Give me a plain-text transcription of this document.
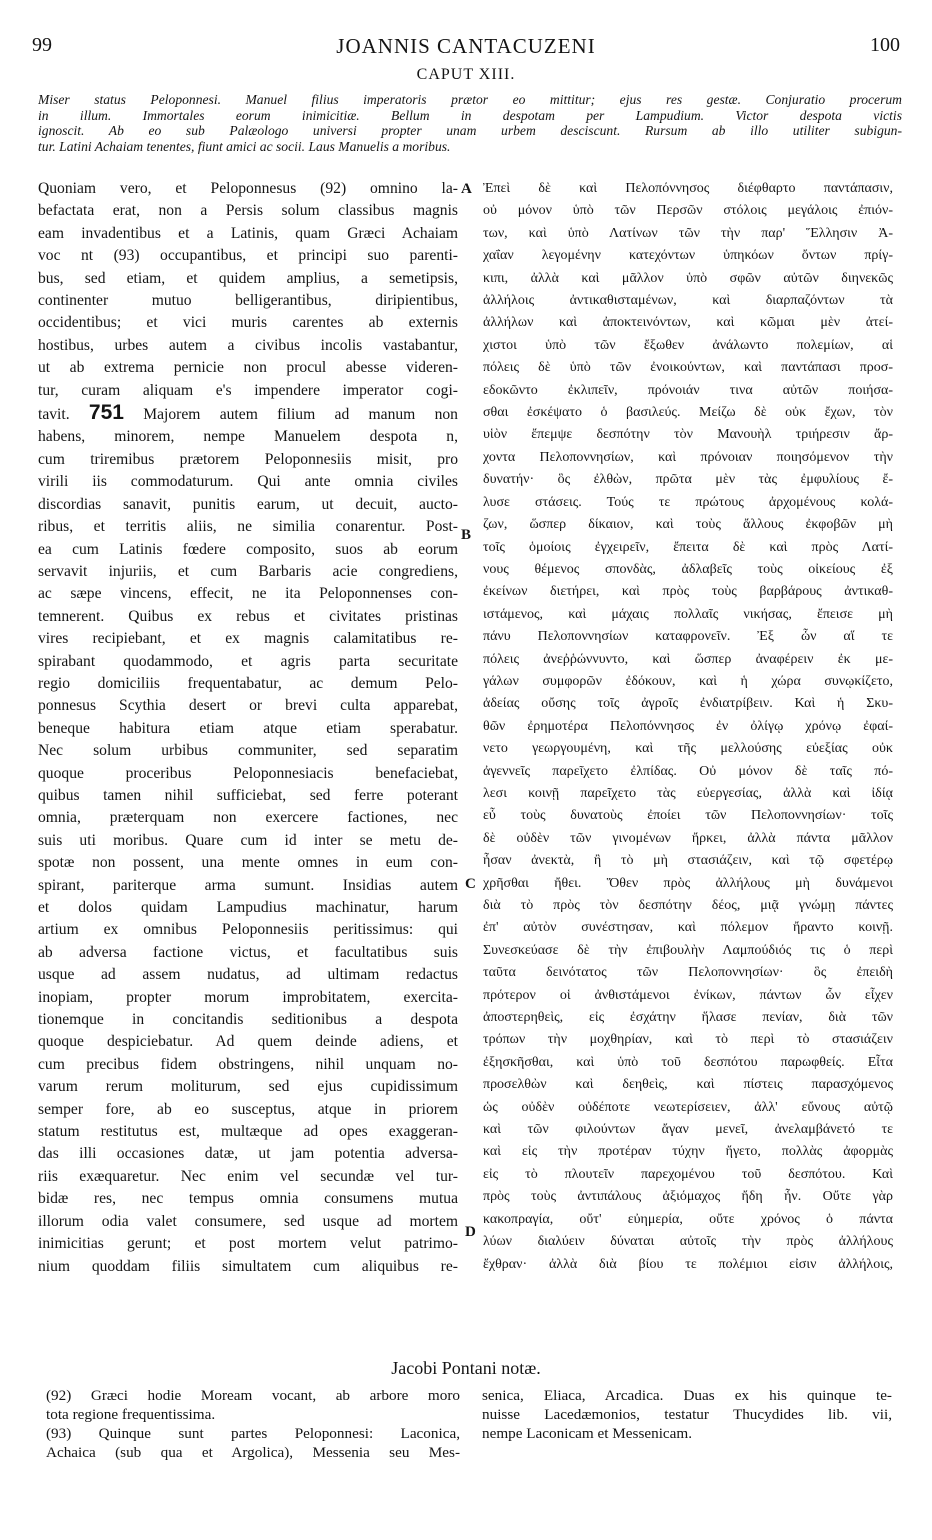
99	JOANNIS CANTACUZENI	100
CAPUT XIII.
Miser status Peloponnesi. Manuel filius imperatoris prætor eo mittitur; ejus res gestæ. Conjuratio procerum
in illum. Immortales eorum inimicitiæ. Bellum in despotam per Lampudium. Victor despota victis
ignoscit. Ab eo sub Palæologo universi propter unam urbem desciscunt. Rursum ab illo utiliter subigun-
tur. Latini Achaiam tenentes, fiunt amici ac socii. Laus Manuelis a moribus.
Quoniam vero, et Peloponnesus (92) omnino la-
befactata erat, non a Persis solum classibus magnis
eam invadentibus et a Latinis, quam Græci Achaiam
voc nt (93) occupantibus, et principi suo parenti-
bus, sed etiam, et quidem amplius, a semetipsis,
continenter mutuo belligerantibus, diripientibus,
occidentibus; et vici muris carentes ab externis
hostibus, urbes autem a civibus incolis vastabantur,
ut ab extrema pernicie non procul abesse videren-
tur, curam aliquam e's impendere imperator cogi-
tavit. 751 Majorem autem filium ad manum non
habens, minorem, nempe Manuelem despota n,
cum triremibus prætorem Peloponnesiis misit, pro
virili iis commodaturum. Qui ante omnia civiles
discordias sanavit, punitis earum, ut decuit, aucto-
ribus, et territis aliis, ne similia conarentur. Post-
ea cum Latinis fœdere composito, suos ab eorum
servavit injuriis, et cum Barbaris acie congrediens,
ac sæpe vincens, effecit, ne ita Peloponnenses con-
temnerent. Quibus ex rebus et civitates pristinas
vires recipiebant, et ex magnis calamitatibus re-
spirabant quodammodo, et agris parta securitate
regio domiciliis frequentabatur, ac demum Pelo-
ponnesus Scythia desert or brevi culta apparebat,
beneque habitura etiam atque etiam sperabatur.
Nec solum urbibus communiter, sed separatim
quoque proceribus Peloponnesiacis benefaciebat,
quibus tamen nihil sufficiebat, sed ferre poterant
omnia, præterquam non exercere factiones, nec
suis uti moribus. Quare cum id inter se metu de-
spotæ non possent, una mente omnes in eum con-
spirant, pariterque arma sumunt. Insidias autem
et dolos quidam Lampudius machinatur, harum
artium ex omnibus Peloponnesiis peritissimus: qui
ab adversa factione victus, et facultatibus suis
usque ad assem nudatus, ad ultimam redactus
inopiam, propter morum improbitatem, exercita-
tionemque in concitandis seditionibus a despota
quoque despiciebatur. Ad quem deinde adiens, et
cum precibus fidem obstringens, nihil unquam no-
varum rerum moliturum, sed ejus cupidissimum
semper fore, ab eo susceptus, atque in priorem
statum restitutus est, multæque ad opes exaggeran-
das illi occasiones datæ, ut jam potentia adversa-
riis exæquaretur. Nec enim vel secundæ vel tur-
bidæ res, nec tempus omnia consumens mutua
illorum odia valet consumere, sed usque ad mortem
inimicitias gerunt; et post mortem velut patrimo-
nium quoddam filiis simultatem cum aliquibus re-
A
B
C
D
Ἐπεὶ δὲ καὶ Πελοπόννησος διέφθαρτο παντάπασιν,
οὐ μόνον ὑπὸ τῶν Περσῶν στόλοις μεγάλοις ἐπιόν-
των, καὶ ὑπὸ Λατίνων τῶν τὴν παρ' Ἕλλησιν Ἀ-
χαΐαν λεγομένην κατεχόντων ὑπηκόων ὄντων πρίγ-
κιπι, ἀλλὰ καὶ μᾶλλον ὑπὸ σφῶν αὐτῶν διηνεκῶς
ἀλλήλοις ἀντικαθισταμένων, καὶ διαρπαζόντων τὰ
ἀλλήλων καὶ ἀποκτεινόντων, καὶ κῶμαι μὲν ἀτεί-
χιστοι ὑπὸ τῶν ἔξωθεν ἀνάλωντο πολεμίων, αἱ
πόλεις δὲ ὑπὸ τῶν ἐνοικούντων, καὶ παντάπασι προσ-
εδοκῶντο ἐκλιπεῖν, πρόνοιάν τινα αὐτῶν ποιήσα-
σθαι ἐσκέψατο ὁ βασιλεύς. Μείζω δὲ οὐκ ἔχων, τὸν
υἱὸν ἔπεμψε δεσπότην τὸν Μανουὴλ τριήρεσιν ἄρ-
χοντα Πελοποννησίων, καὶ πρόνοιαν ποιησόμενον τὴν
δυνατήν· ὃς ἐλθὼν, πρῶτα μὲν τὰς ἐμφυλίους ἔ-
λυσε στάσεις. Τούς τε πρώτους ἀρχομένους κολά-
ζων, ὥσπερ δίκαιον, καὶ τοὺς ἄλλους ἐκφοβῶν μὴ
τοῖς ὁμοίοις ἐγχειρεῖν, ἔπειτα δὲ καὶ πρὸς Λατί-
νους θέμενος σπονδὰς, ἀδλαβεῖς τοὺς οἰκείους ἐξ
ἐκείνων διετήρει, καὶ πρὸς τοὺς βαρβάρους ἀντικαθ-
ιστάμενος, καὶ μάχαις πολλαῖς νικήσας, ἔπεισε μὴ
πάνυ Πελοποννησίων καταφρονεῖν. Ἐξ ὧν αἵ τε
πόλεις ἀνεῤῥώννυντο, καὶ ὥσπερ ἀναφέρειν ἐκ με-
γάλων συμφορῶν ἐδόκουν, καὶ ἡ χώρα συνῳκίζετο,
ἀδείας οὔσης τοῖς ἀγροῖς ἐνδιατρίβειν. Καὶ ἡ Σκυ-
θῶν ἐρημοτέρα Πελοπόννησος ἐν ὀλίγῳ χρόνῳ ἐφαί-
νετο γεωργουμένη, καὶ τῆς μελλούσης εὐεξίας οὐκ
ἀγεννεῖς παρεῖχετο ἐλπίδας. Οὐ μόνον δὲ ταῖς πό-
λεσι κοινῇ παρεῖχετο τὰς εὐεργεσίας, ἀλλὰ καὶ ἰδίᾳ
εὖ τοὺς δυνατοὺς ἐποίει τῶν Πελοποννησίων· τοῖς
δὲ οὐδὲν τῶν γινομένων ἤρκει, ἀλλὰ πάντα μᾶλλον
ἦσαν ἀνεκτὰ, ἢ τὸ μὴ στασιάζειν, καὶ τῷ σφετέρῳ
χρῆσθαι ἤθει. Ὅθεν πρὸς ἀλλήλους μὴ δυνάμενοι
διὰ τὸ πρὸς τὸν δεσπότην δέος, μιᾷ γνώμῃ πάντες
ἐπ' αὐτὸν συνέστησαν, καὶ πόλεμον ἤραντο κοινῇ.
Συνεσκεύασε δὲ τὴν ἐπιβουλὴν Λαμπούδιός τις ὁ περὶ
ταῦτα δεινότατος τῶν Πελοποννησίων· ὃς ἐπειδὴ
πρότερον οἱ ἀνθιστάμενοι ἐνίκων, πάντων ὧν εἶχεν
ἀποστερηθεὶς, εἰς ἐσχάτην ἥλασε πενίαν, διὰ τῶν
τρόπων τὴν μοχθηρίαν, καὶ τὸ περὶ τὸ στασιάζειν
ἐξησκῆσθαι, καὶ ὑπὸ τοῦ δεσπότου παρωφθείς. Εἶτα
προσελθὼν καὶ δεηθεὶς, καὶ πίστεις παρασχόμενος
ὡς οὐδὲν οὐδέποτε νεωτερίσειεν, ἀλλ' εὔνους αὐτῷ
καὶ τῶν φιλούντων ἄγαν μενεῖ, ἀνελαμβάνετό τε
καὶ εἰς τὴν προτέραν τύχην ἤγετο, πολλὰς ἀφορμὰς
εἰς τὸ πλουτεῖν παρεχομένου τοῦ δεσπότου. Καὶ
πρὸς τοὺς ἀντιπάλους ἀξιόμαχος ἤδη ἦν. Οὔτε γὰρ
κακοπραγία, οὔτ' εὐημερία, οὔτε χρόνος ὁ πάντα
λύων διαλύειν δύναται αὐτοῖς τὴν πρὸς ἀλλήλους
ἔχθραν· ἀλλὰ διὰ βίου τε πολέμιοι εἰσιν ἀλλήλοις,
Jacobi Pontani notæ.
(92) Græci hodie Moream vocant, ab arbore moro
tota regione frequentissima.
(93) Quinque sunt partes Peloponnesi: Laconica,
Achaica (sub qua et Argolica), Messenia seu Mes-
senica, Eliaca, Arcadica. Duas ex his quinque te-
nuisse Lacedæmonios, testatur Thucydides lib. vii,
nempe Laconicam et Messenicam.
